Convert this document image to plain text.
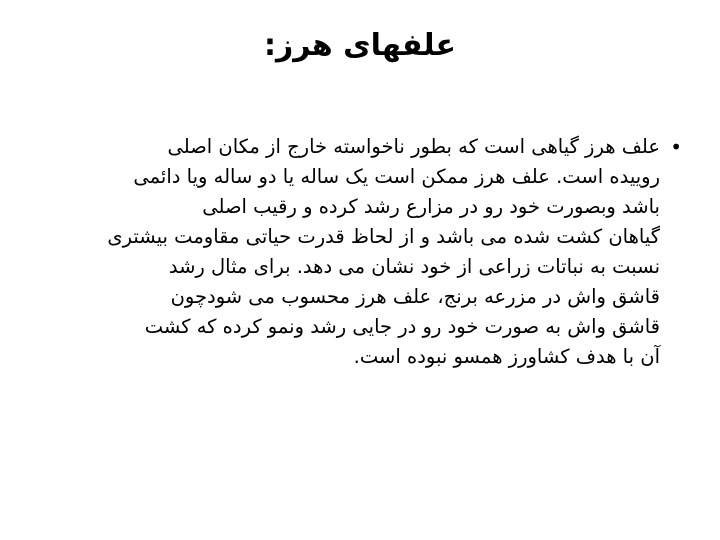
علفهای هرز:
•
علف هرز گیاهی است که بطور ناخواسته خارج از مکان اصلی
روییده است. علف هرز ممکن است یک ساله یا دو ساله ویا دائمی
باشد وبصورت خود رو در مزارع رشد کرده و رقیب اصلی
گیاهان کشت شده می باشد و از لحاظ قدرت حیاتی مقاومت بیشتری
نسبت به نباتات زراعی از خود نشان می دهد. برای مثال رشد
قاشق واش در مزرعه برنج، علف هرز محسوب می شودچون
قاشق واش به صورت خود رو در جایی رشد ونمو کرده که کشت
آن با هدف کشاورز همسو نبوده است.
